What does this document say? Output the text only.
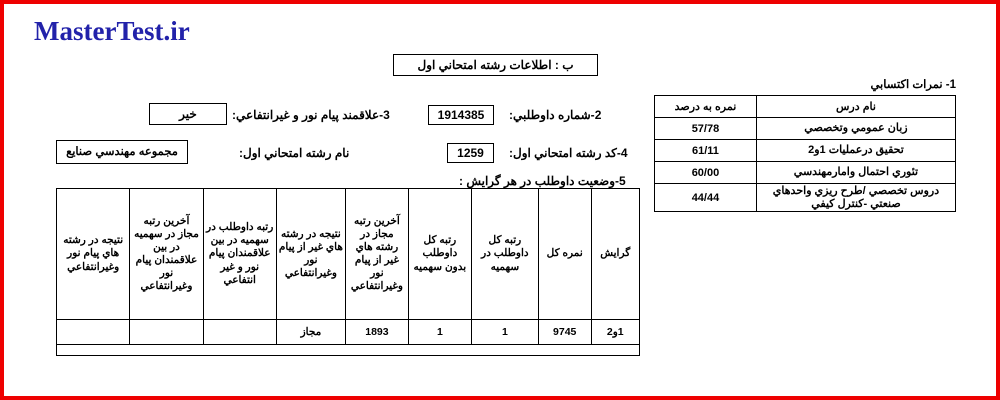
MasterTest.ir
ب : اطلاعات رشته امتحاني اول
1- نمرات اكتسابي
نام درس	نمره به درصد
زبان عمومي وتخصصي	57/78
تحقيق درعمليات 1و2	61/11
تئوري احتمال وامارمهندسي	60/00
دروس تخصصي /طرح ريزي واحدهاي صنعتي -كنترل كيفي	44/44
2-شماره داوطلبي:
1914385
3-علاقمند پيام نور و غيرانتفاعي:
خير
4-كد رشته امتحاني اول:
1259
نام رشته امتحاني اول:
مجموعه مهندسي صنايع
5-وضعيت داوطلب در هر گرايش :
گرايش	نمره كل	رتبه كل داوطلب در سهميه	رتبه كل داوطلب بدون سهميه	آخرين رتبه مجاز در رشته هاي غير از پيام نور وغيرانتفاعي	نتيجه در رشته هاي غير از پيام نور وغيرانتفاعي	رتبه داوطلب در سهميه در بين علاقمندان پيام نور و غير انتفاعي	آخرين رتبه مجاز در سهميه در بين علاقمندان پيام نور وغيرانتفاعي	نتيجه در رشته هاي پيام نور وغيرانتفاعي
1و2	9745	1	1	1893	مجاز			
